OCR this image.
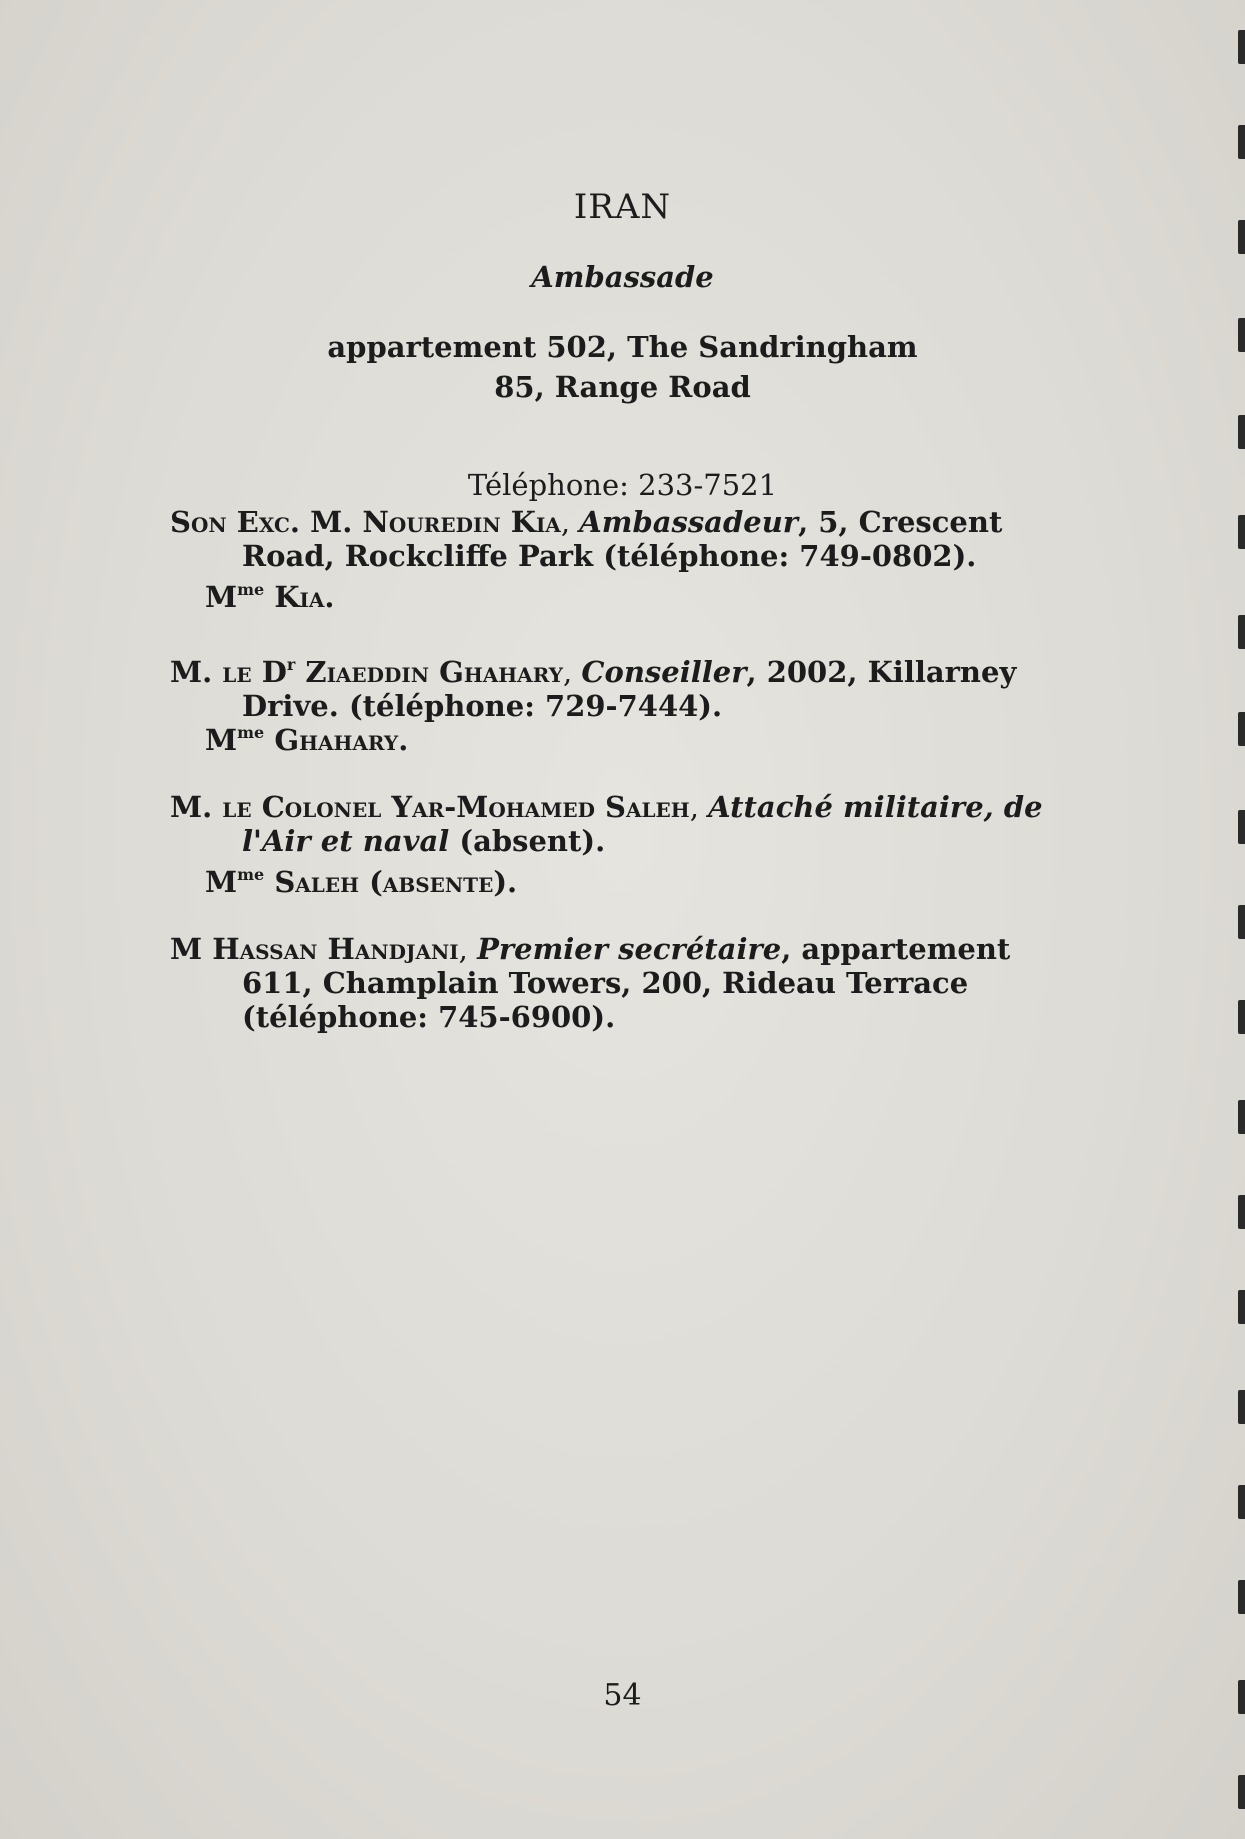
IRAN
Ambassade
appartement 502, The Sandringham
85, Range Road
Téléphone: 233-7521
Son Exc. M. Nouredin Kia, Ambassadeur, 5, Crescent Road, Rockcliffe Park (téléphone: 749-0802).
$M^{me}$ Kia.
M. le $D^r$ Ziaeddin Ghahary, Conseiller, 2002, Killarney Drive. (téléphone: 729-7444).
$M^{me}$ Ghahary.
M. le Colonel Yar-Mohamed Saleh, Attaché militaire, de l'Air et naval (absent).
$M^{me}$ Saleh (absente).
M Hassan Handjani, Premier secrétaire, appartement 611, Champlain Towers, 200, Rideau Terrace (téléphone: 745-6900).
54
